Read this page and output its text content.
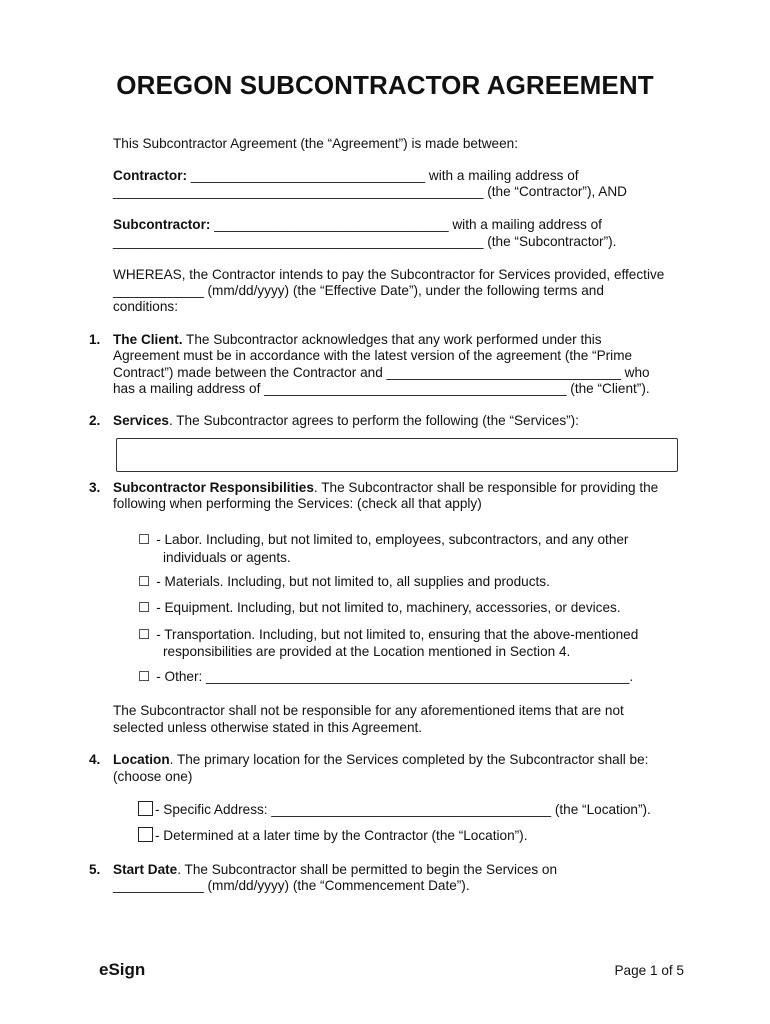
OREGON SUBCONTRACTOR AGREEMENT
This Subcontractor Agreement (the “Agreement”) is made between:
Contractor: _______________________________ with a mailing address of
_________________________________________________ (the “Contractor”), AND
Subcontractor: _______________________________ with a mailing address of
_________________________________________________ (the “Subcontractor”).
WHEREAS, the Contractor intends to pay the Subcontractor for Services provided, effective
____________ (mm/dd/yyyy) (the “Effective Date”), under the following terms and
conditions:
1. The Client. The Subcontractor acknowledges that any work performed under this
Agreement must be in accordance with the latest version of the agreement (the “Prime
Contract”) made between the Contractor and _______________________________ who
has a mailing address of ________________________________________ (the “Client”).
2. Services. The Subcontractor agrees to perform the following (the “Services”):
3. Subcontractor Responsibilities. The Subcontractor shall be responsible for providing the
following when performing the Services: (check all that apply)
☐ - Labor. Including, but not limited to, employees, subcontractors, and any other
individuals or agents.
☐ - Materials. Including, but not limited to, all supplies and products.
☐ - Equipment. Including, but not limited to, machinery, accessories, or devices.
☐ - Transportation. Including, but not limited to, ensuring that the above-mentioned
responsibilities are provided at the Location mentioned in Section 4.
☐ - Other: ________________________________________________________.
The Subcontractor shall not be responsible for any aforementioned items that are not
selected unless otherwise stated in this Agreement.
4. Location. The primary location for the Services completed by the Subcontractor shall be:
(choose one)
- Specific Address: _____________________________________ (the “Location”).
- Determined at a later time by the Contractor (the “Location”).
5. Start Date. The Subcontractor shall be permitted to begin the Services on
____________ (mm/dd/yyyy) (the “Commencement Date”).
eSign	Page 1 of 5
